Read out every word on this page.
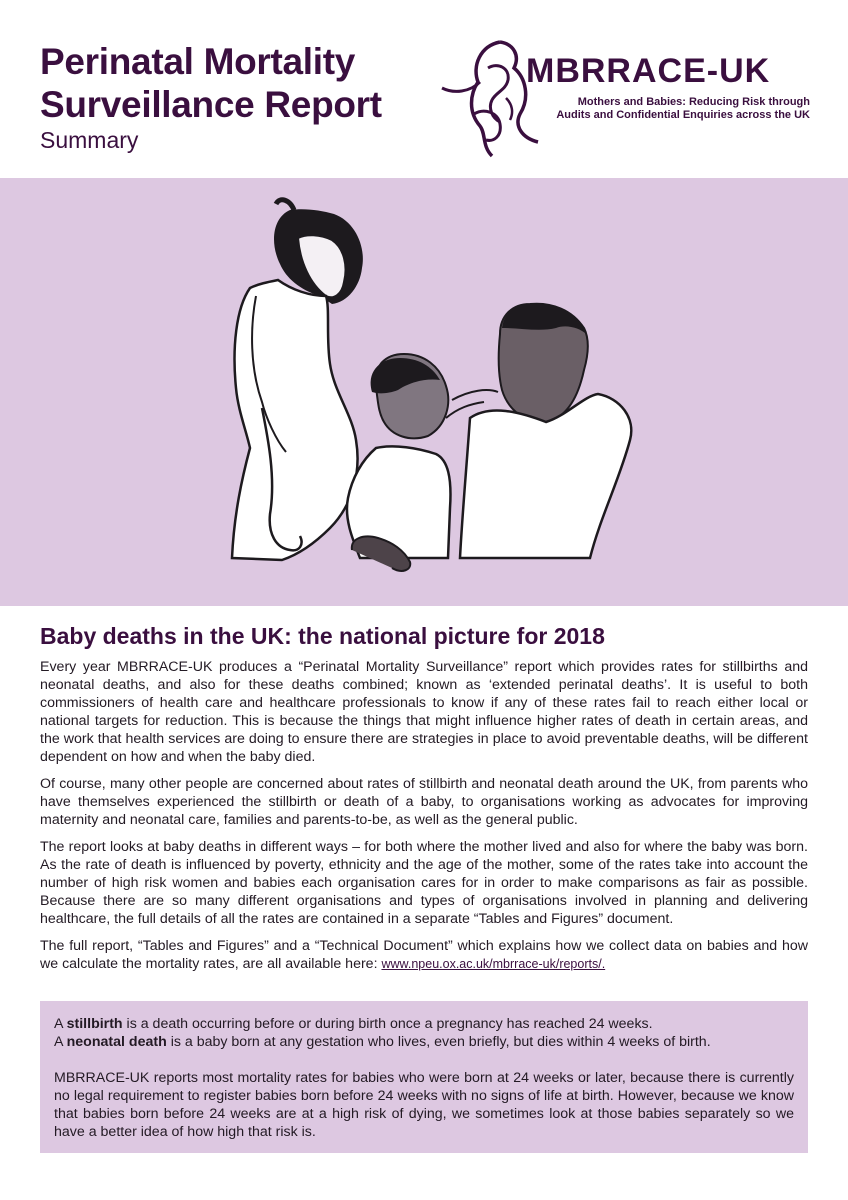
Perinatal Mortality
Surveillance Report
Summary
MBRRACE-UK
Mothers and Babies: Reducing Risk through
Audits and Confidential Enquiries across the UK
Baby deaths in the UK: the national picture for 2018

Every year MBRRACE-UK produces a “Perinatal Mortality Surveillance” report which provides rates for stillbirths and neonatal deaths, and also for these deaths combined; known as ‘extended perinatal deaths’. It is useful to both commissioners of health care and healthcare professionals to know if any of these rates fail to reach either local or national targets for reduction. This is because the things that might influence higher rates of death in certain areas, and the work that health services are doing to ensure there are strategies in place to avoid preventable deaths, will be different dependent on how and when the baby died.

Of course, many other people are concerned about rates of stillbirth and neonatal death around the UK, from parents who have themselves experienced the stillbirth or death of a baby, to organisations working as advocates for improving maternity and neonatal care, families and parents-to-be, as well as the general public.

The report looks at baby deaths in different ways – for both where the mother lived and also for where the baby was born. As the rate of death is influenced by poverty, ethnicity and the age of the mother, some of the rates take into account the number of high risk women and babies each organisation cares for in order to make comparisons as fair as possible. Because there are so many different organisations and types of organisations involved in planning and delivering healthcare, the full details of all the rates are contained in a separate “Tables and Figures” document.

The full report, “Tables and Figures” and a “Technical Document” which explains how we collect data on babies and how we calculate the mortality rates, are all available here: www.npeu.ox.ac.uk/mbrrace-uk/reports/.

A stillbirth is a death occurring before or during birth once a pregnancy has reached 24 weeks.

A neonatal death is a baby born at any gestation who lives, even briefly, but dies within 4 weeks of birth.

MBRRACE-UK reports most mortality rates for babies who were born at 24 weeks or later, because there is currently no legal requirement to register babies born before 24 weeks with no signs of life at birth. However, because we know that babies born before 24 weeks are at a high risk of dying, we sometimes look at those babies separately so we have a better idea of how high that risk is.
